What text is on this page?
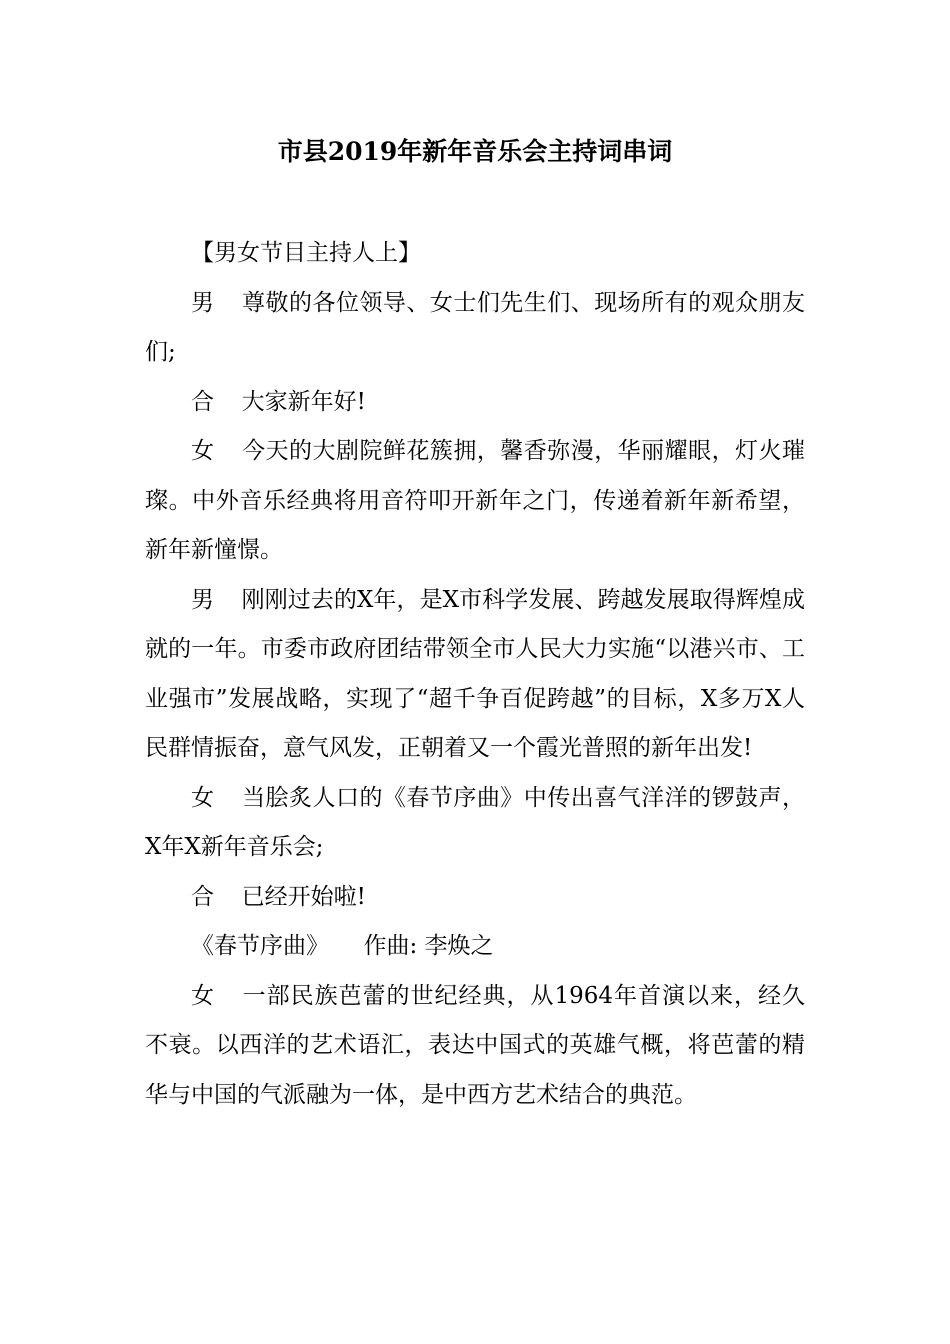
市县2019年新年音乐会主持词串词

【男女节目主持人上】

男 尊敬的各位领导、女士们先生们、现场所有的观众朋友们;

合 大家新年好!

女 今天的大剧院鲜花簇拥，馨香弥漫，华丽耀眼，灯火璀璨。中外音乐经典将用音符叩开新年之门，传递着新年新希望，新年新憧憬。

男 刚刚过去的X年，是X市科学发展、跨越发展取得辉煌成就的一年。市委市政府团结带领全市人民大力实施“以港兴市、工业强市”发展战略，实现了“超千争百促跨越”的目标，X多万X人民群情振奋，意气风发，正朝着又一个霞光普照的新年出发!

女 当脍炙人口的《春节序曲》中传出喜气洋洋的锣鼓声，X年X新年音乐会;

合 已经开始啦!

《春节序曲》 作曲: 李焕之

女 一部民族芭蕾的世纪经典，从1964年首演以来，经久不衰。以西洋的艺术语汇，表达中国式的英雄气概，将芭蕾的精华与中国的气派融为一体，是中西方艺术结合的典范。
